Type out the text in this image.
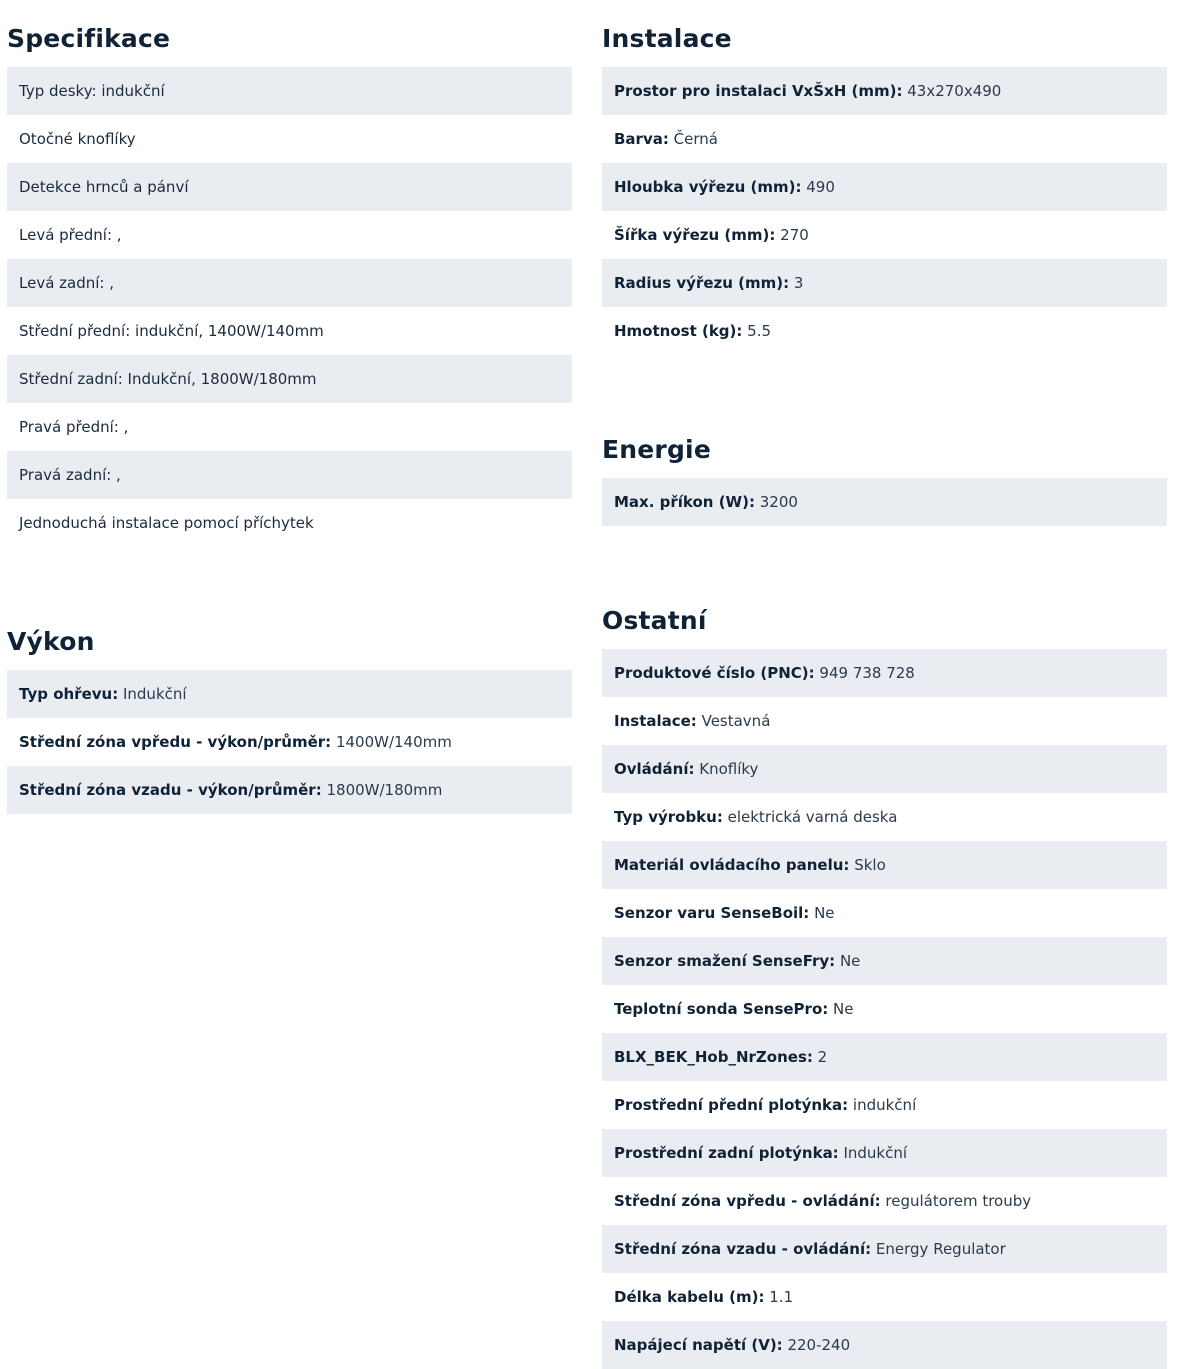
Specifikace
Typ desky: indukční
Otočné knoflíky
Detekce hrnců a pánví
Levá přední: ,
Levá zadní: ,
Střední přední: indukční, 1400W/140mm
Střední zadní: Indukční, 1800W/180mm
Pravá přední: ,
Pravá zadní: ,
Jednoduchá instalace pomocí příchytek
Výkon
Typ ohřevu: Indukční
Střední zóna vpředu - výkon/průměr: 1400W/140mm
Střední zóna vzadu - výkon/průměr: 1800W/180mm
Instalace
Prostor pro instalaci VxŠxH (mm): 43x270x490
Barva: Černá
Hloubka výřezu (mm): 490
Šířka výřezu (mm): 270
Radius výřezu (mm): 3
Hmotnost (kg): 5.5
Energie
Max. příkon (W): 3200
Ostatní
Produktové číslo (PNC): 949 738 728
Instalace: Vestavná
Ovládání: Knoflíky
Typ výrobku: elektrická varná deska
Materiál ovládacího panelu: Sklo
Senzor varu SenseBoil: Ne
Senzor smažení SenseFry: Ne
Teplotní sonda SensePro: Ne
BLX_BEK_Hob_NrZones: 2
Prostřední přední plotýnka: indukční
Prostřední zadní plotýnka: Indukční
Střední zóna vpředu - ovládání: regulátorem trouby
Střední zóna vzadu - ovládání: Energy Regulator
Délka kabelu (m): 1.1
Napájecí napětí (V): 220-240
